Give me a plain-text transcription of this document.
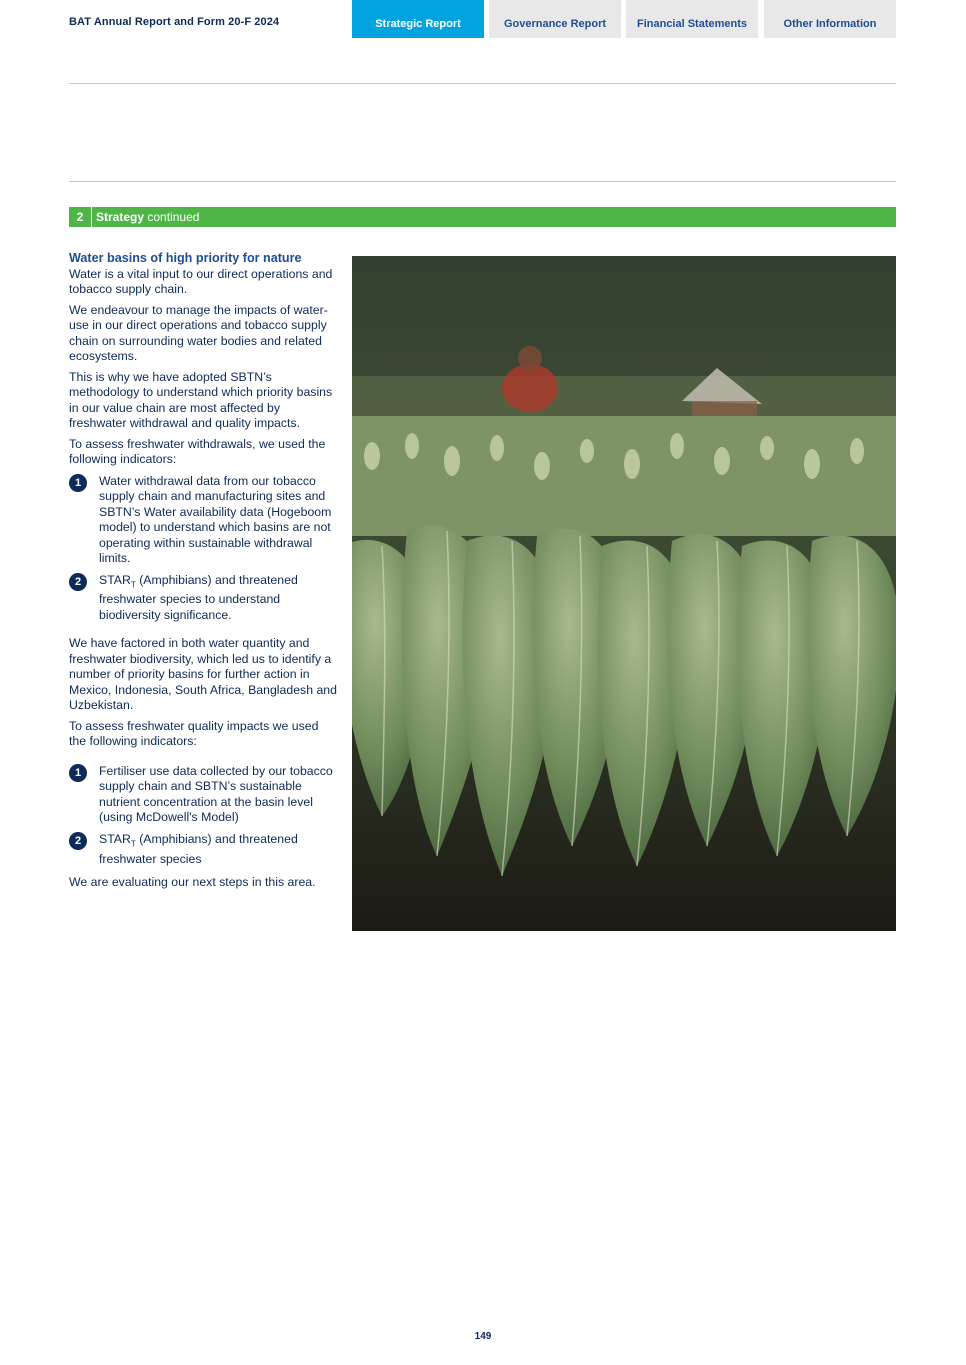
BAT Annual Report and Form 20-F 2024	Strategic Report	Governance Report	Financial Statements	Other Information
2	Strategy continued
Water basins of high priority for nature

Water is a vital input to our direct operations and tobacco supply chain.

We endeavour to manage the impacts of water-use in our direct operations and tobacco supply chain on surrounding water bodies and related ecosystems.

This is why we have adopted SBTN’s methodology to understand which priority basins in our value chain are most affected by freshwater withdrawal and quality impacts.

To assess freshwater withdrawals, we used the following indicators:

1	Water withdrawal data from our tobacco supply chain and manufacturing sites and SBTN’s Water availability data (Hogeboom model) to understand which basins are not operating within sustainable withdrawal limits.
2	$STAR_T$ (Amphibians) and threatened freshwater species to understand biodiversity significance.

We have factored in both water quantity and freshwater biodiversity, which led us to identify a number of priority basins for further action in Mexico, Indonesia, South Africa, Bangladesh and Uzbekistan.

To assess freshwater quality impacts we used the following indicators:

1	Fertiliser use data collected by our tobacco supply chain and SBTN’s sustainable nutrient concentration at the basin level (using McDowell's Model)
2	$STAR_T$ (Amphibians) and threatened freshwater species

We are evaluating our next steps in this area.

149
